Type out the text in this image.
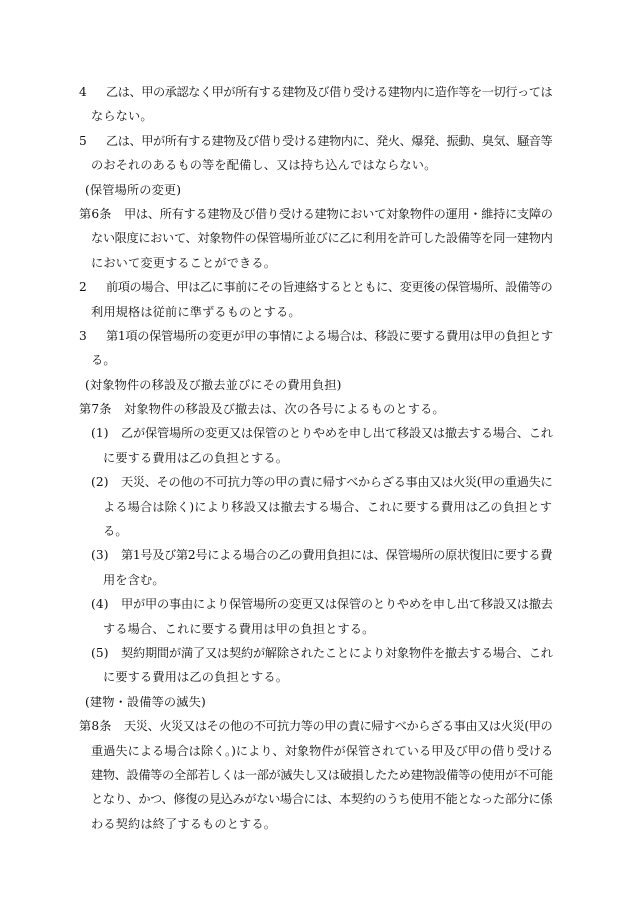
4 乙は、甲の承認なく甲が所有する建物及び借り受ける建物内に造作等を一切行っては
ならない。
5 乙は、甲が所有する建物及び借り受ける建物内に、発火、爆発、振動、臭気、騒音等
のおそれのあるもの等を配備し、又は持ち込んではならない。
(保管場所の変更)
第6条 甲は、所有する建物及び借り受ける建物において対象物件の運用・維持に支障の
ない限度において、対象物件の保管場所並びに乙に利用を許可した設備等を同一建物内
において変更することができる。
2 前項の場合、甲は乙に事前にその旨連絡するとともに、変更後の保管場所、設備等の
利用規格は従前に準ずるものとする。
3 第1項の保管場所の変更が甲の事情による場合は、移設に要する費用は甲の負担とす
る。
(対象物件の移設及び撤去並びにその費用負担)
第7条 対象物件の移設及び撤去は、次の各号によるものとする。
(1) 乙が保管場所の変更又は保管のとりやめを申し出て移設又は撤去する場合、これ
に要する費用は乙の負担とする。
(2) 天災、その他の不可抗力等の甲の責に帰すべからざる事由又は火災(甲の重過失に
よる場合は除く)により移設又は撤去する場合、これに要する費用は乙の負担とす
る。
(3) 第1号及び第2号による場合の乙の費用負担には、保管場所の原状復旧に要する費
用を含む。
(4) 甲が甲の事由により保管場所の変更又は保管のとりやめを申し出て移設又は撤去
する場合、これに要する費用は甲の負担とする。
(5) 契約期間が満了又は契約が解除されたことにより対象物件を撤去する場合、これ
に要する費用は乙の負担とする。
(建物・設備等の滅失)
第8条 天災、火災又はその他の不可抗力等の甲の責に帰すべからざる事由又は火災(甲の
重過失による場合は除く。)により、対象物件が保管されている甲及び甲の借り受ける
建物、設備等の全部若しくは一部が滅失し又は破損したため建物設備等の使用が不可能
となり、かつ、修復の見込みがない場合には、本契約のうち使用不能となった部分に係
わる契約は終了するものとする。
